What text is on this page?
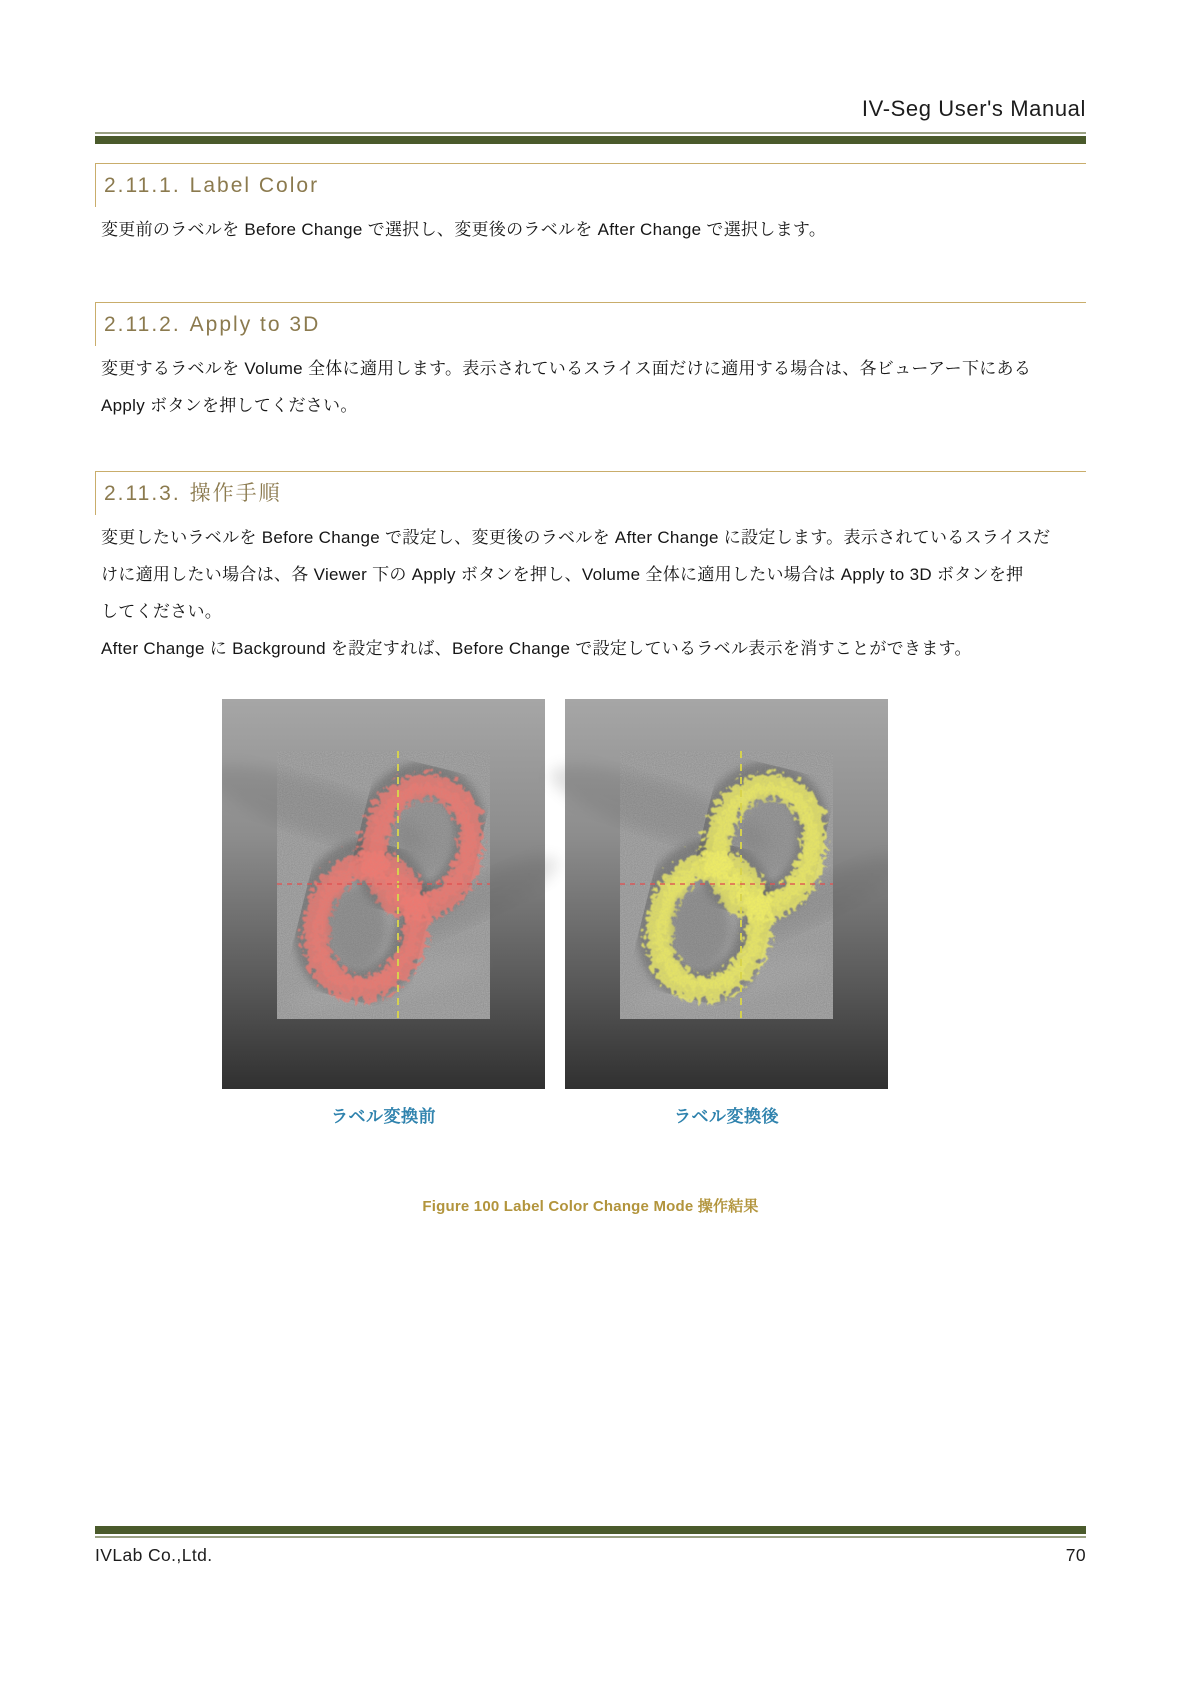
IV-Seg User's Manual
2.11.1. Label Color
変更前のラベルを Before Change で選択し、変更後のラベルを After Change で選択します。
2.11.2. Apply to 3D
変更するラベルを Volume 全体に適用します。表示されているスライス面だけに適用する場合は、各ビューアー下にある
Apply ボタンを押してください。
2.11.3. 操作手順
変更したいラベルを Before Change で設定し、変更後のラベルを After Change に設定します。表示されているスライスだ
けに適用したい場合は、各 Viewer 下の Apply ボタンを押し、Volume 全体に適用したい場合は Apply to 3D ボタンを押
してください。
After Change に Background を設定すれば、Before Change で設定しているラベル表示を消すことができます。
ラベル変換前	ラベル変換後
Figure 100 Label Color Change Mode 操作結果
IVLab Co.,Ltd.	70
